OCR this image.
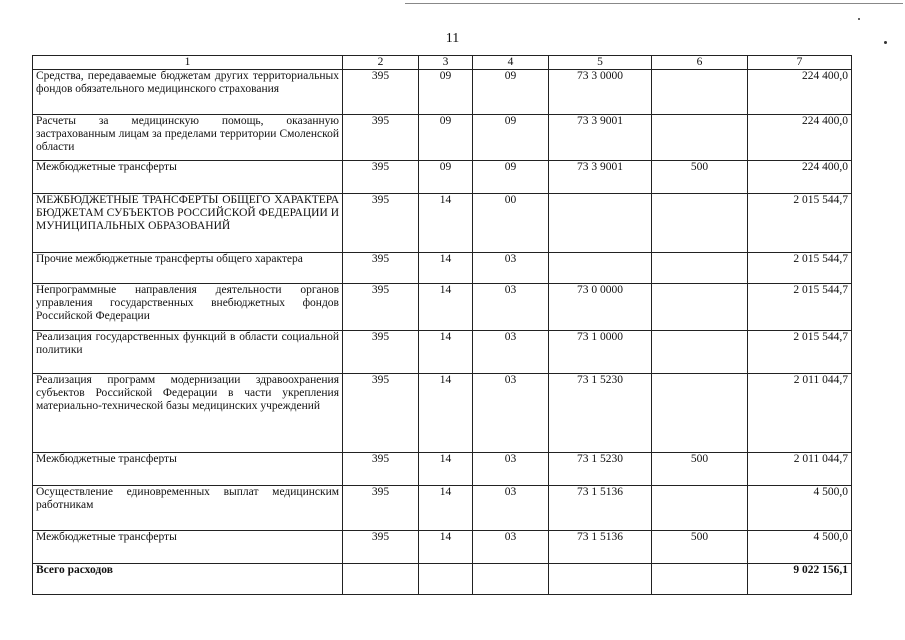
11
1	2	3	4	5	6	7
Средства, передаваемые бюджетам других территориальных фондов обязательного медицинского страхования	395	09	09	73 3 0000		224 400,0
Расчеты за медицинскую помощь, оказанную застрахованным лицам за пределами территории Смоленской области	395	09	09	73 3 9001		224 400,0
Межбюджетные трансферты	395	09	09	73 3 9001	500	224 400,0
МЕЖБЮДЖЕТНЫЕ ТРАНСФЕРТЫ ОБЩЕГО ХАРАКТЕРА БЮДЖЕТАМ СУБЪЕКТОВ РОССИЙСКОЙ ФЕДЕРАЦИИ И МУНИЦИПАЛЬНЫХ ОБРАЗОВАНИЙ	395	14	00			2 015 544,7
Прочие межбюджетные трансферты общего характера	395	14	03			2 015 544,7
Непрограммные направления деятельности органов управления государственных внебюджетных фондов Российской Федерации	395	14	03	73 0 0000		2 015 544,7
Реализация государственных функций в области социальной политики	395	14	03	73 1 0000		2 015 544,7
Реализация программ модернизации здравоохранения субъектов Российской Федерации в части укрепления материально-технической базы медицинских учреждений	395	14	03	73 1 5230		2 011 044,7
Межбюджетные трансферты	395	14	03	73 1 5230	500	2 011 044,7
Осуществление единовременных выплат медицинским работникам	395	14	03	73 1 5136		4 500,0
Межбюджетные трансферты	395	14	03	73 1 5136	500	4 500,0
Всего расходов						9 022 156,1
